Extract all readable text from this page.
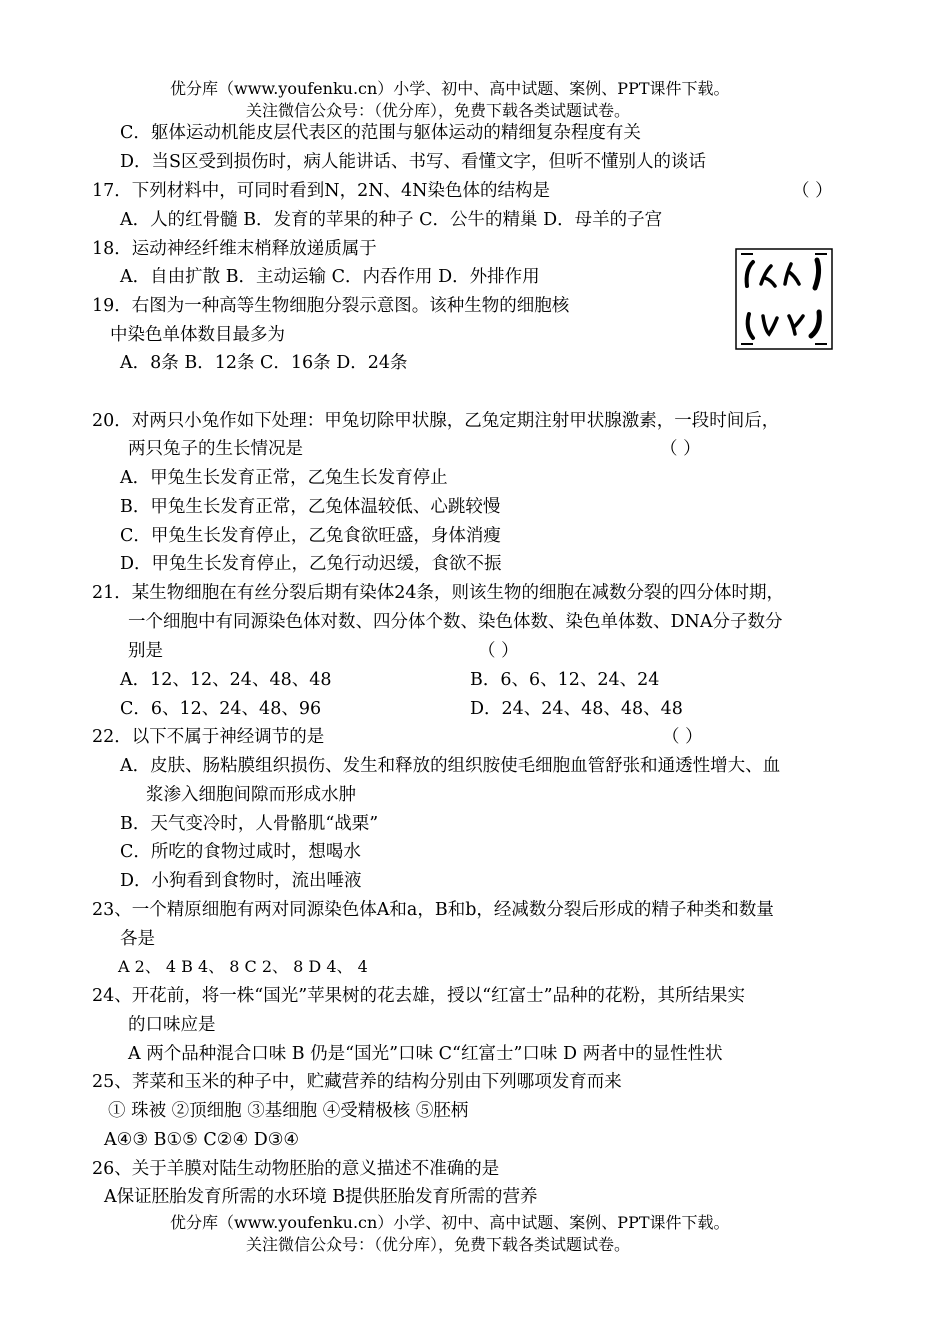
优分库（www.youfenku.cn）小学、初中、高中试题、案例、PPT课件下载。
关注微信公众号：（优分库），免费下载各类试题试卷。
C．躯体运动机能皮层代表区的范围与躯体运动的精细复杂程度有关
D．当S区受到损伤时，病人能讲话、书写、看懂文字，但听不懂别人的谈话
17．下列材料中，可同时看到N，2N、4N染色体的结构是	（ ）
A．人的红骨髓 B．发育的苹果的种子 C．公牛的精巢 D．母羊的子宫
18．运动神经纤维末梢释放递质属于
A．自由扩散 B．主动运输 C．内吞作用 D．外排作用
19．右图为一种高等生物细胞分裂示意图。该种生物的细胞核
中染色单体数目最多为
A．8条 B．12条 C．16条 D．24条
20．对两只小兔作如下处理：甲兔切除甲状腺，乙兔定期注射甲状腺激素，一段时间后，
两只兔子的生长情况是	（ ）
A．甲兔生长发育正常，乙兔生长发育停止
B．甲兔生长发育正常，乙兔体温较低、心跳较慢
C．甲兔生长发育停止，乙兔食欲旺盛，身体消瘦
D．甲兔生长发育停止，乙兔行动迟缓，食欲不振
21．某生物细胞在有丝分裂后期有染体24条，则该生物的细胞在减数分裂的四分体时期，
一个细胞中有同源染色体对数、四分体个数、染色体数、染色单体数、DNA分子数分
别是	（ ）
A．12、12、24、48、48	B．6、6、12、24、24
C．6、12、24、48、96	D．24、24、48、48、48
22．以下不属于神经调节的是	（ ）
A．皮肤、肠粘膜组织损伤、发生和释放的组织胺使毛细胞血管舒张和通透性增大、血
浆渗入细胞间隙而形成水肿
B．天气变冷时，人骨骼肌“战栗”
C．所吃的食物过咸时，想喝水
D．小狗看到食物时，流出唾液
23、一个精原细胞有两对同源染色体A和a，B和b，经减数分裂后形成的精子种类和数量
各是
A 2、 4 B 4、 8 C 2、 8 D 4、 4
24、开花前，将一株“国光”苹果树的花去雄，授以“红富士”品种的花粉，其所结果实
的口味应是
A 两个品种混合口味 B 仍是“国光”口味 C“红富士”口味 D 两者中的显性性状
25、荠菜和玉米的种子中，贮藏营养的结构分别由下列哪项发育而来
① 珠被 ②顶细胞 ③基细胞 ④受精极核 ⑤胚柄
A④③ B①⑤ C②④ D③④
26、关于羊膜对陆生动物胚胎的意义描述不准确的是
A保证胚胎发育所需的水环境 B提供胚胎发育所需的营养
优分库（www.youfenku.cn）小学、初中、高中试题、案例、PPT课件下载。
关注微信公众号：（优分库），免费下载各类试题试卷。
